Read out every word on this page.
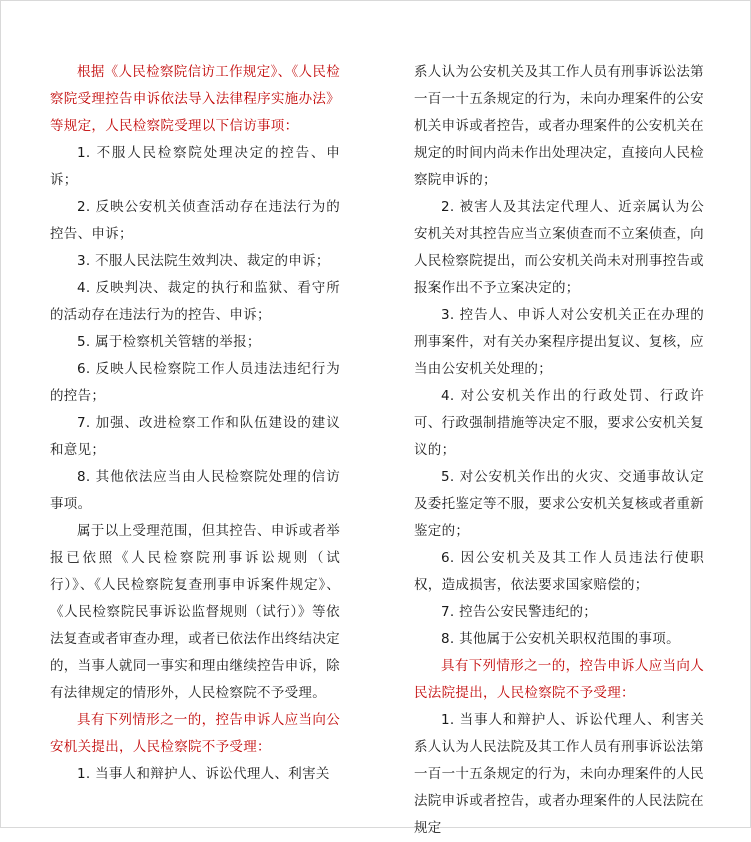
根据《人民检察院信访工作规定》、《人民检察院受理控告申诉依法导入法律程序实施办法》等规定，人民检察院受理以下信访事项：

1. 不服人民检察院处理决定的控告、申诉；

2. 反映公安机关侦查活动存在违法行为的控告、申诉；

3. 不服人民法院生效判决、裁定的申诉；

4. 反映判决、裁定的执行和监狱、看守所的活动存在违法行为的控告、申诉；

5. 属于检察机关管辖的举报；

6. 反映人民检察院工作人员违法违纪行为的控告；

7. 加强、改进检察工作和队伍建设的建议和意见；

8. 其他依法应当由人民检察院处理的信访事项。

属于以上受理范围，但其控告、申诉或者举报已依照《人民检察院刑事诉讼规则（试行）》、《人民检察院复查刑事申诉案件规定》、《人民检察院民事诉讼监督规则（试行）》等依法复查或者审查办理，或者已依法作出终结决定的，当事人就同一事实和理由继续控告申诉，除有法律规定的情形外，人民检察院不予受理。

具有下列情形之一的，控告申诉人应当向公安机关提出，人民检察院不予受理：

1. 当事人和辩护人、诉讼代理人、利害关

系人认为公安机关及其工作人员有刑事诉讼法第一百一十五条规定的行为，未向办理案件的公安机关申诉或者控告，或者办理案件的公安机关在规定的时间内尚未作出处理决定，直接向人民检察院申诉的；

2. 被害人及其法定代理人、近亲属认为公安机关对其控告应当立案侦查而不立案侦查，向人民检察院提出，而公安机关尚未对刑事控告或报案作出不予立案决定的；

3. 控告人、申诉人对公安机关正在办理的刑事案件，对有关办案程序提出复议、复核，应当由公安机关处理的；

4. 对公安机关作出的行政处罚、行政许可、行政强制措施等决定不服，要求公安机关复议的；

5. 对公安机关作出的火灾、交通事故认定及委托鉴定等不服，要求公安机关复核或者重新鉴定的；

6. 因公安机关及其工作人员违法行使职权，造成损害，依法要求国家赔偿的；

7. 控告公安民警违纪的；

8. 其他属于公安机关职权范围的事项。

具有下列情形之一的，控告申诉人应当向人民法院提出，人民检察院不予受理：

1. 当事人和辩护人、诉讼代理人、利害关系人认为人民法院及其工作人员有刑事诉讼法第一百一十五条规定的行为，未向办理案件的人民法院申诉或者控告，或者办理案件的人民法院在规定
